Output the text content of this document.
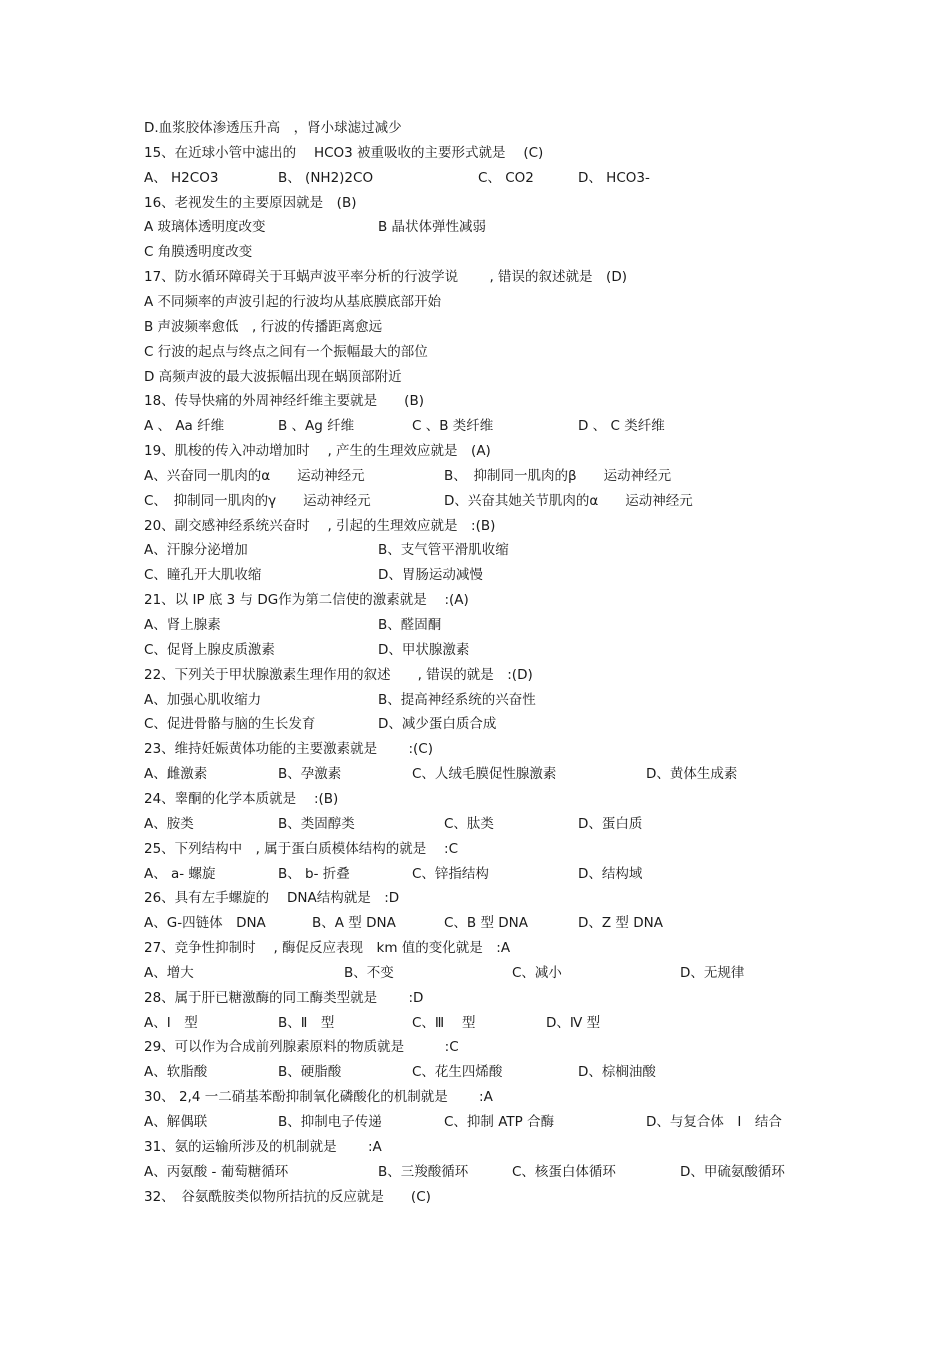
D.血浆胶体渗透压升高　，肾小球滤过减少
15、在近球小管中滤出的　 HCO3 被重吸收的主要形式就是　 (C)
A、 H2CO3	B、 (NH2)2CO	C、 CO2	D、 HCO3-
16、老视发生的主要原因就是　(B)
A 玻璃体透明度改变	B 晶状体弹性减弱
C 角膜透明度改变
17、防水循环障碍关于耳蜗声波平率分析的行波学说　　 , 错误的叙述就是　(D)
A 不同频率的声波引起的行波均从基底膜底部开始
B 声波频率愈低　, 行波的传播距离愈远
C 行波的起点与终点之间有一个振幅最大的部位
D 高频声波的最大波振幅出现在蜗顶部附近
18、传导快痛的外周神经纤维主要就是　　(B)
A 、 Aa 纤维	B 、Ag 纤维	C 、B 类纤维	D 、 C 类纤维
19、肌梭的传入冲动增加时　 , 产生的生理效应就是　(A)
A、兴奋同一肌肉的α　　运动神经元	B、　抑制同一肌肉的β　　运动神经元
C、　抑制同一肌肉的γ　　运动神经元	D、兴奋其她关节肌肉的α　　运动神经元
20、副交感神经系统兴奋时　 , 引起的生理效应就是　:(B)
A、汗腺分泌增加	B、支气管平滑肌收缩
C、瞳孔开大肌收缩	D、胃肠运动减慢
21、以 IP 底 3 与 DG作为第二信使的激素就是　 :(A)
A、肾上腺素	B、醛固酮
C、促肾上腺皮质激素	D、甲状腺激素
22、下列关于甲状腺激素生理作用的叙述　　, 错误的就是　:(D)
A、加强心肌收缩力	B、提高神经系统的兴奋性
C、促进骨骼与脑的生长发育	D、减少蛋白质合成
23、维持妊娠黄体功能的主要激素就是　　 :(C)
A、雌激素	B、孕激素	C、人绒毛膜促性腺激素	D、黄体生成素
24、睾酮的化学本质就是　 :(B)
A、胺类	B、类固醇类	C、肽类	D、蛋白质
25、下列结构中　, 属于蛋白质模体结构的就是　 :C
A、 a- 螺旋	B、 b- 折叠	C、锌指结构	D、结构域
26、具有左手螺旋的　 DNA结构就是　:D
A、G-四链体　DNA	B、A 型 DNA	C、B 型 DNA	D、Z 型 DNA
27、竞争性抑制时　 , 酶促反应表现　km 值的变化就是　:A
A、增大	B、不变	C、减小	D、无规律
28、属于肝已糖激酶的同工酶类型就是　　 :D
A、Ⅰ　型	B、Ⅱ　型	C、Ⅲ　 型	D、Ⅳ 型
29、可以作为合成前列腺素原料的物质就是　　　:C
A、软脂酸	B、硬脂酸	C、花生四烯酸	D、棕榈油酸
30、 2,4 一二硝基苯酚抑制氧化磷酸化的机制就是　　 :A
A、解偶联	B、抑制电子传递	C、抑制 ATP 合酶	D、与复合体　Ⅰ　结合
31、氨的运输所涉及的机制就是　　 :A
A、丙氨酸 - 葡萄糖循环	B、三羧酸循环	C、核蛋白体循环	D、甲硫氨酸循环
32、　谷氨酰胺类似物所拮抗的反应就是　　(C)
